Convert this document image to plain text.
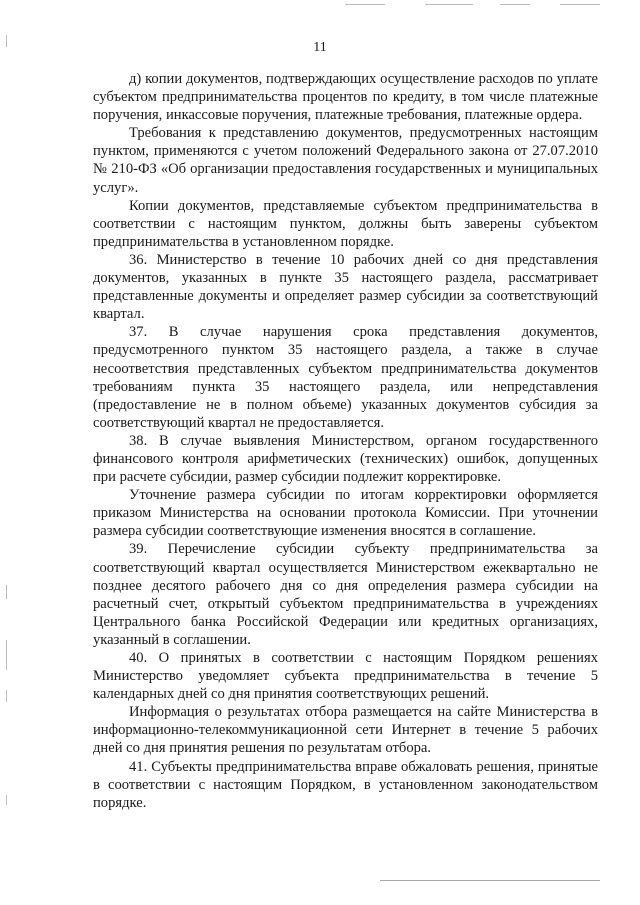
11

д) копии документов, подтверждающих осуществление расходов по уплате субъектом предпринимательства процентов по кредиту, в том числе платежные поручения, инкассовые поручения, платежные требования, платежные ордера.

Требования к представлению документов, предусмотренных настоящим пунктом, применяются с учетом положений Федерального закона от 27.07.2010 № 210-ФЗ «Об организации предоставления государственных и муниципальных услуг».

Копии документов, представляемые субъектом предпринимательства в соответствии с настоящим пунктом, должны быть заверены субъектом предпринимательства в установленном порядке.

36. Министерство в течение 10 рабочих дней со дня представления документов, указанных в пункте 35 настоящего раздела, рассматривает представленные документы и определяет размер субсидии за соответствующий квартал.

37. В случае нарушения срока представления документов, предусмотренного пунктом 35 настоящего раздела, а также в случае несоответствия представленных субъектом предпринимательства документов требованиям пункта 35 настоящего раздела, или непредставления (предоставление не в полном объеме) указанных документов субсидия за соответствующий квартал не предоставляется.

38. В случае выявления Министерством, органом государственного финансового контроля арифметических (технических) ошибок, допущенных при расчете субсидии, размер субсидии подлежит корректировке.

Уточнение размера субсидии по итогам корректировки оформляется приказом Министерства на основании протокола Комиссии. При уточнении размера субсидии соответствующие изменения вносятся в соглашение.

39. Перечисление субсидии субъекту предпринимательства за соответствующий квартал осуществляется Министерством ежеквартально не позднее десятого рабочего дня со дня определения размера субсидии на расчетный счет, открытый субъектом предпринимательства в учреждениях Центрального банка Российской Федерации или кредитных организациях, указанный в соглашении.

40. О принятых в соответствии с настоящим Порядком решениях Министерство уведомляет субъекта предпринимательства в течение 5 календарных дней со дня принятия соответствующих решений.

Информация о результатах отбора размещается на сайте Министерства в информационно-телекоммуникационной сети Интернет в течение 5 рабочих дней со дня принятия решения по результатам отбора.

41. Субъекты предпринимательства вправе обжаловать решения, принятые в соответствии с настоящим Порядком, в установленном законодательством порядке.
